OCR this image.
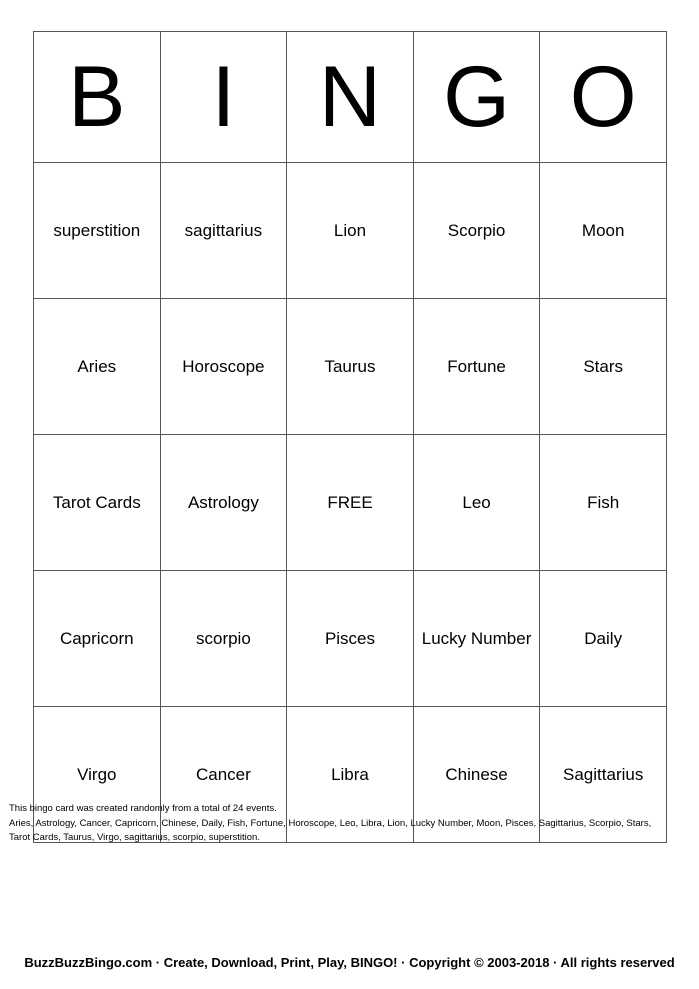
B	I	N	G	O

superstition	sagittarius	Lion	Scorpio	Moon

Aries	Horoscope	Taurus	Fortune	Stars

Tarot Cards	Astrology	FREE	Leo	Fish

Capricorn	scorpio	Pisces	Lucky Number	Daily

Virgo	Cancer	Libra	Chinese	Sagittarius
This bingo card was created randomly from a total of 24 events.
Aries, Astrology, Cancer, Capricorn, Chinese, Daily, Fish, Fortune, Horoscope, Leo, Libra, Lion, Lucky Number, Moon, Pisces, Sagittarius, Scorpio, Stars, Tarot Cards, Taurus, Virgo, sagittarius, scorpio, superstition.
BuzzBuzzBingo.com · Create, Download, Print, Play, BINGO! · Copyright © 2003-2018 · All rights reserved
